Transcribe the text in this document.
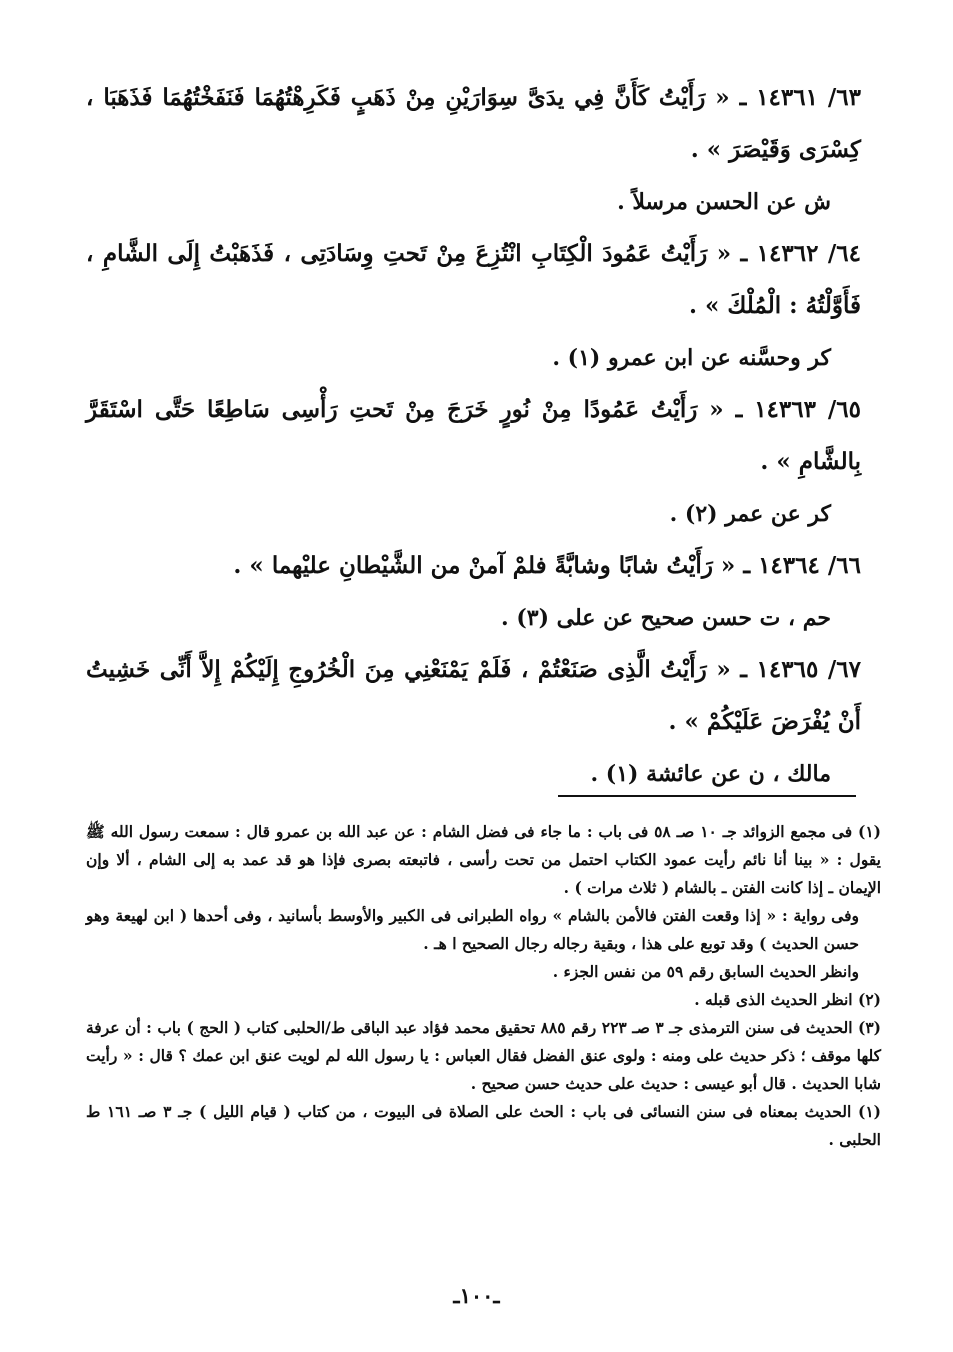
٦٣/ ١٤٣٦١ ـ « رَأَيْتُ كَأَنَّ فِي يدَىَّ سِوَارَيْنِ مِنْ ذَهَبٍ فَكَرِهْتُهُمَا فَنَفَخْتُهُمَا فَذَهَبَا ، كِسْرَى وَقَيْصَرَ » .
ش عن الحسن مرسلاً .
٦٤/ ١٤٣٦٢ ـ « رَأَيْتُ عَمُودَ الْكِتَابِ انْتُزِعَ مِنْ تَحتِ وِسَادَتِى ، فَذَهَبْتُ إِلَى الشَّامِ ، فَأَوَّلْتُهُ : الْمُلْكَ » .
كر وحسَّنه عن ابن عمرو (١) .
٦٥/ ١٤٣٦٣ ـ « رَأَيْتُ عَمُودًا مِنْ نُورٍ خَرَجَ مِنْ تَحتِ رَأْسِى سَاطِعًا حَتَّى اسْتَقَرَّ بِالشَّامِ » .
كر عن عمر (٢) .
٦٦/ ١٤٣٦٤ ـ « رَأَيْتُ شابًا وشابَّةً فلمْ آمنْ من الشَّيْطانِ عليْهما » .
حم ، ت حسن صحيح عن على (٣) .
٦٧/ ١٤٣٦٥ ـ « رَأَيْتُ الَّذِى صَنَعْتُمْ ، فَلَمْ يَمْنَعْنِي مِنَ الْخُرُوجِ إِلَيْكُمْ إِلاَّ أَنِّى خَشِيتُ أَنْ يُفْرَضَ عَلَيْكُمْ » .
مالك ، ن عن عائشة (١) .
(١) فى مجمع الزوائد جـ ١٠ صـ ٥٨ فى باب : ما جاء فى فضل الشام : عن عبد الله بن عمرو قال : سمعت رسول الله ﷺ يقول : « بينا أنا نائم رأيت عمود الكتاب احتمل من تحت رأسى ، فاتبعته بصرى فإذا هو قد عمد به إلى الشام ، ألا وإن الإيمان ـ إذا كانت الفتن ـ بالشام ( ثلاث مرات ) .
وفى رواية : « إذا وقعت الفتن فالأمن بالشام » رواه الطبرانى فى الكبير والأوسط بأسانيد ، وفى أحدها ( ابن لهيعة وهو حسن الحديث ) وقد توبع على هذا ، وبقية رجاله رجال الصحيح ا هـ .
وانظر الحديث السابق رقم ٥٩ من نفس الجزء .
(٢) انظر الحديث الذى قبله .
(٣) الحديث فى سنن الترمذى جـ ٣ صـ ٢٢٣ رقم ٨٨٥ تحقيق محمد فؤاد عبد الباقى ط/الحلبى كتاب ( الحج ) باب : أن عرفة كلها موقف ؛ ذكر حديث على ومنه : ولوى عنق الفضل فقال العباس : يا رسول الله لم لويت عنق ابن عمك ؟ قال : « رأيت شابا الحديث . قال أبو عيسى : حديث على حديث حسن صحيح .
(١) الحديث بمعناه فى سنن النسائى فى باب : الحث على الصلاة فى البيوت ، من كتاب ( قيام الليل ) جـ ٣ صـ ١٦١ ط الحلبى .
ـ١٠٠ـ
